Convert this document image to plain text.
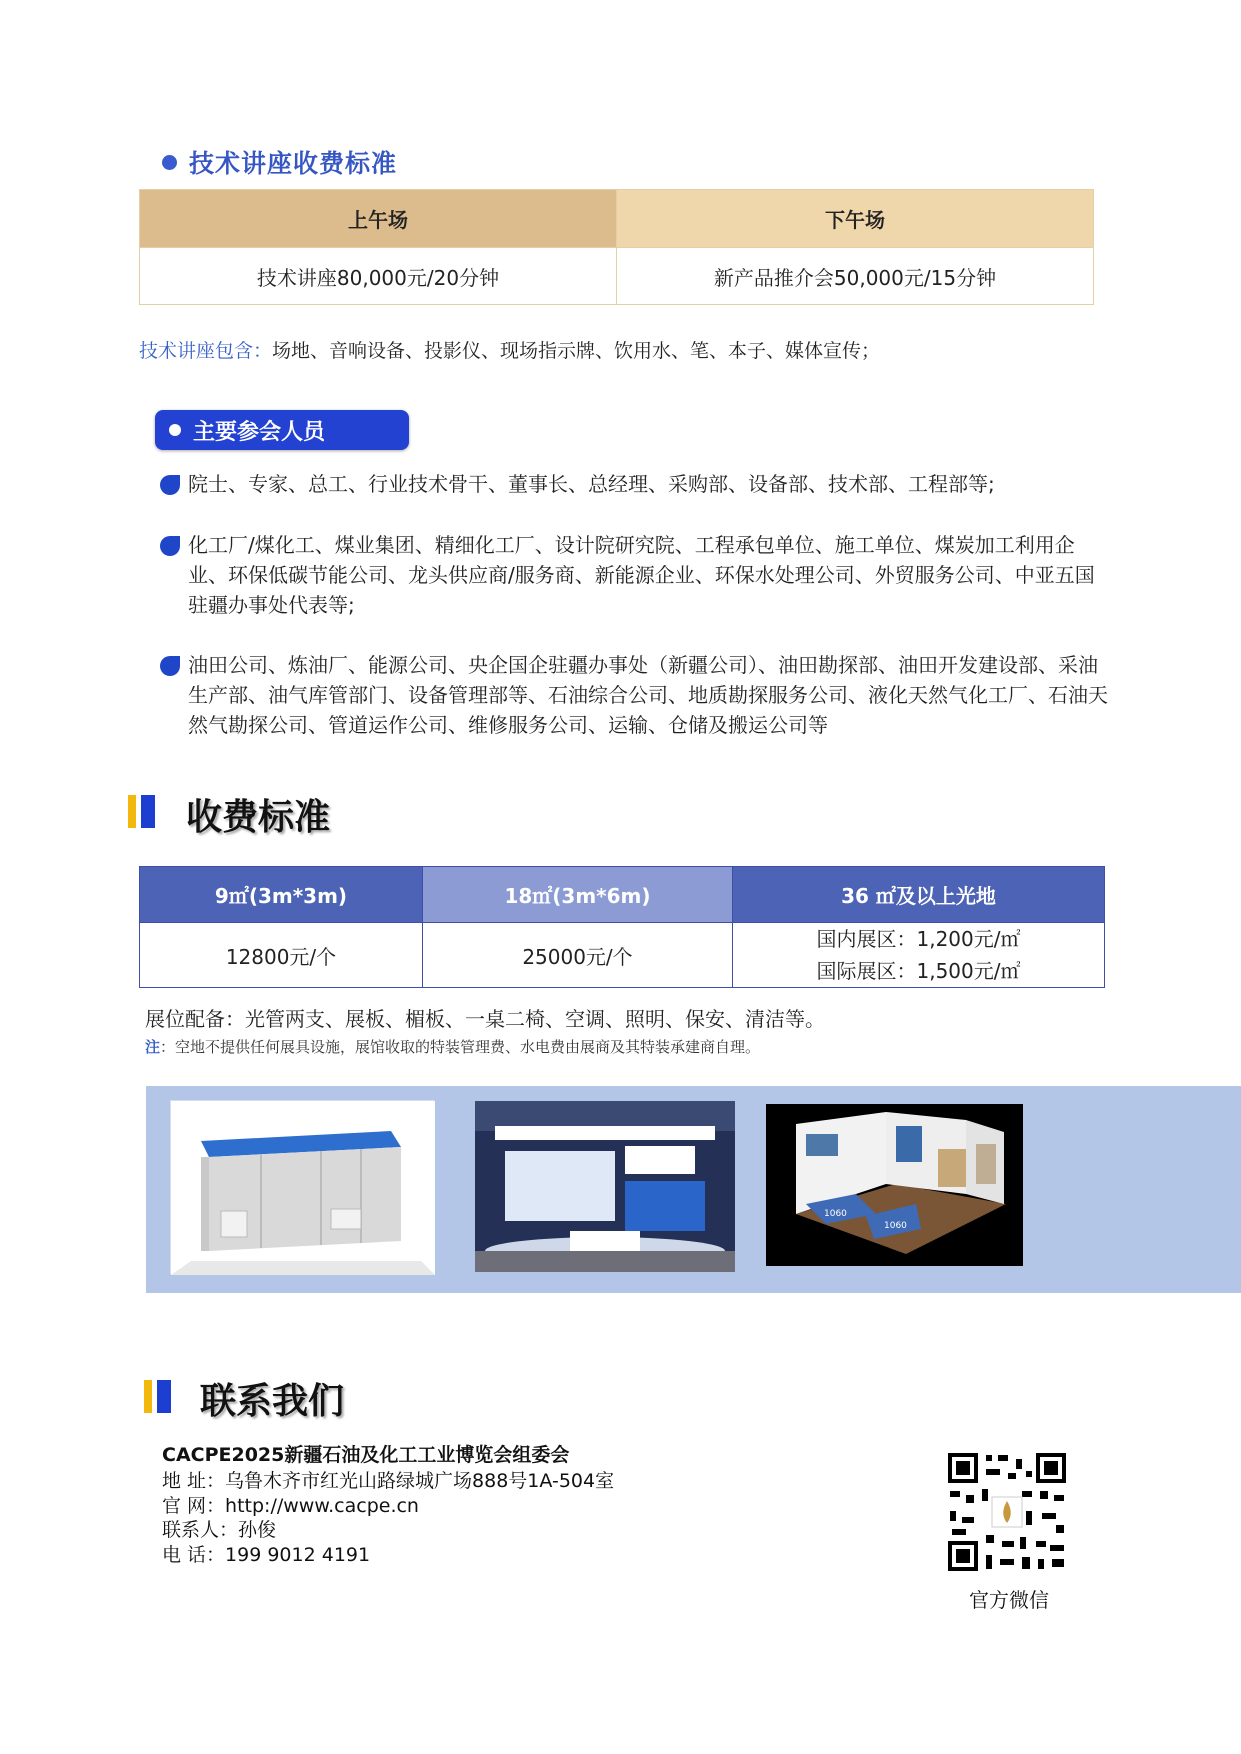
技术讲座收费标准
上午场	下午场
技术讲座80,000元/20分钟	新产品推介会50,000元/15分钟
技术讲座包含：场地、音响设备、投影仪、现场指示牌、饮用水、笔、本子、媒体宣传；
主要参会人员
院士、专家、总工、行业技术骨干、董事长、总经理、采购部、设备部、技术部、工程部等;
化工厂/煤化工、煤业集团、精细化工厂、设计院研究院、工程承包单位、施工单位、煤炭加工利用企业、环保低碳节能公司、龙头供应商/服务商、新能源企业、环保水处理公司、外贸服务公司、中亚五国驻疆办事处代表等;
油田公司、炼油厂、能源公司、央企国企驻疆办事处（新疆公司）、油田勘探部、油田开发建设部、采油生产部、油气库管部门、设备管理部等、石油综合公司、地质勘探服务公司、液化天然气化工厂、石油天然气勘探公司、管道运作公司、维修服务公司、运输、仓储及搬运公司等
收费标准
9㎡(3m*3m)	18㎡(3m*6m)	36 ㎡及以上光地
12800元/个	25000元/个	国内展区：1,200元/㎡
国际展区：1,500元/㎡
展位配备：光管两支、展板、楣板、一桌二椅、空调、照明、保安、清洁等。
注：空地不提供任何展具设施，展馆收取的特装管理费、水电费由展商及其特装承建商自理。
1060
1060
联系我们
CACPE2025新疆石油及化工工业博览会组委会
地 址：乌鲁木齐市红光山路绿城广场888号1A-504室
官 网：http://www.cacpe.cn
联系人：孙俊
电 话：199 9012 4191
官方微信
